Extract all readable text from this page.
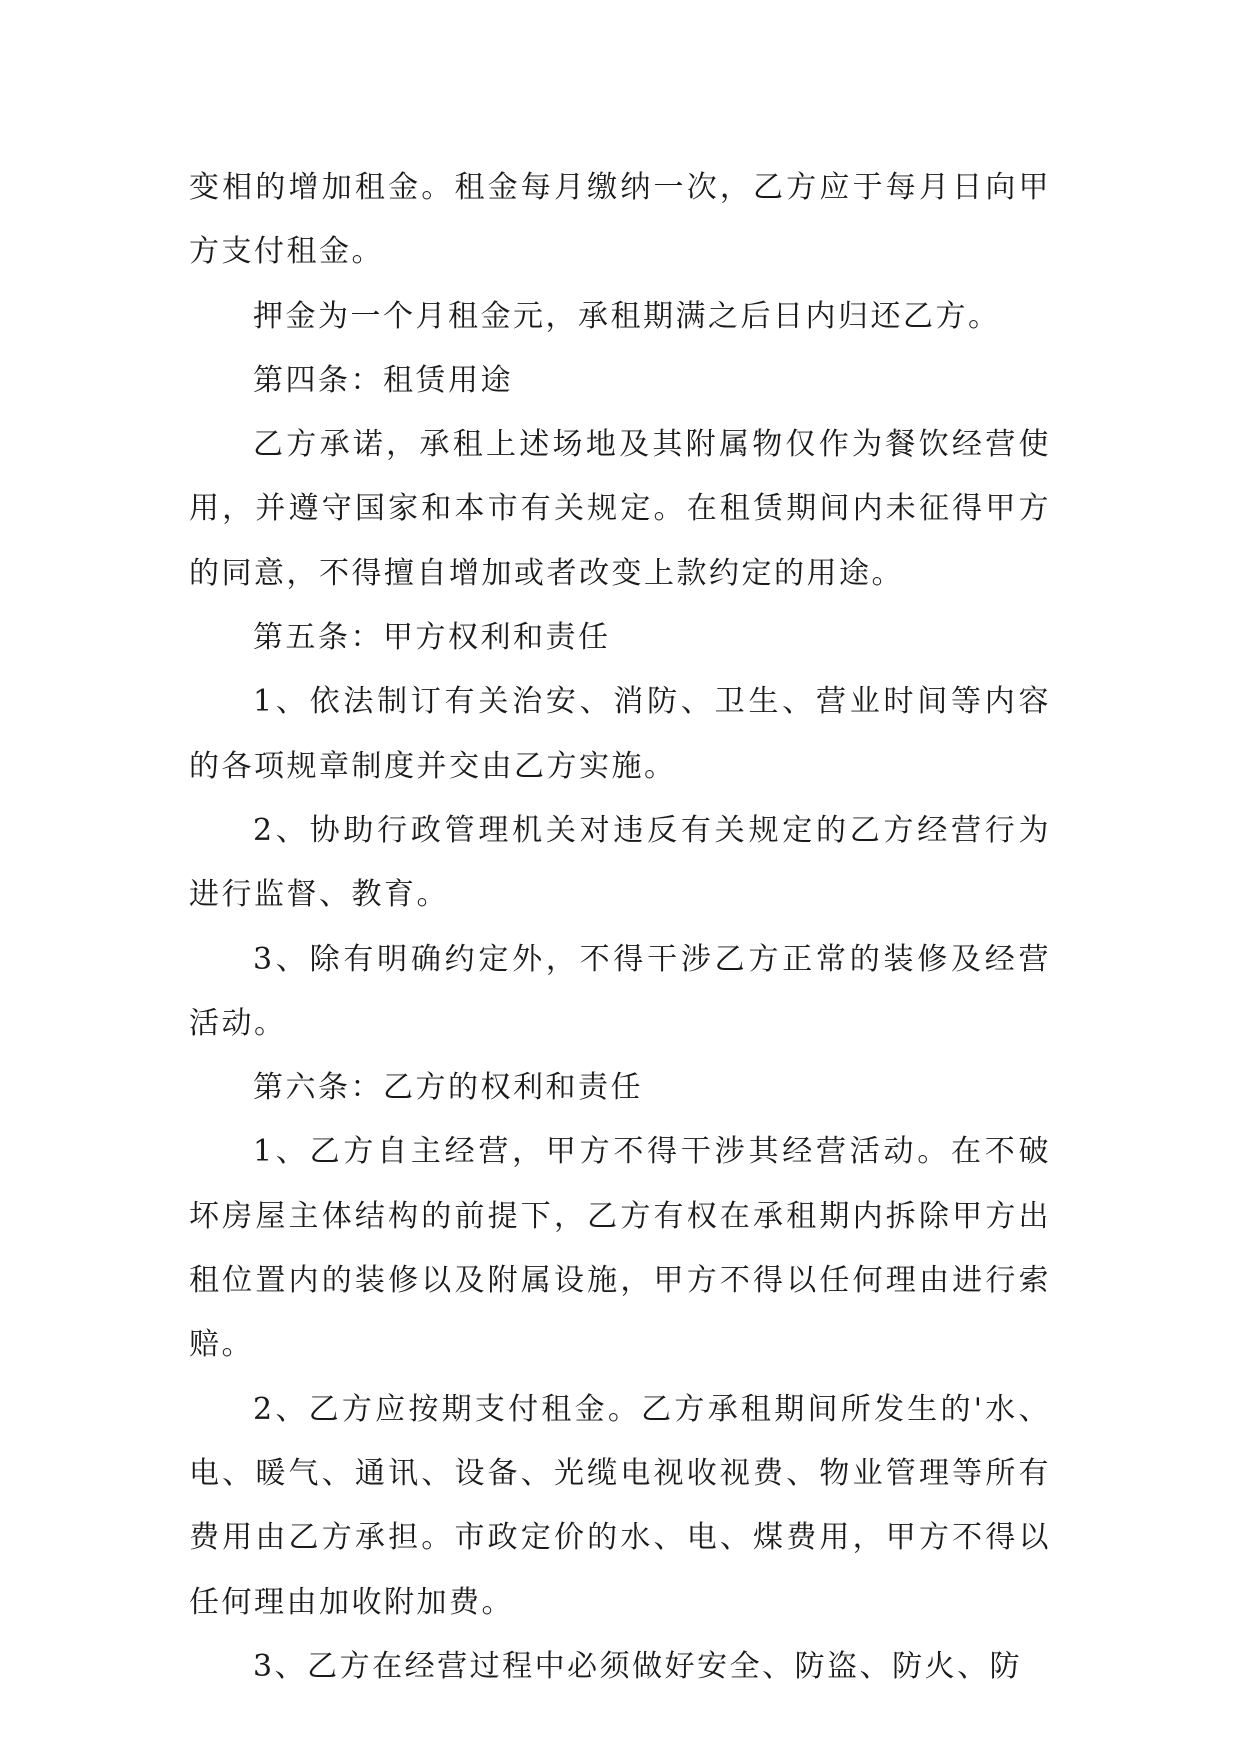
变相的增加租金。租金每月缴纳一次，乙方应于每月日向甲方支付租金。

押金为一个月租金元，承租期满之后日内归还乙方。

第四条：租赁用途

乙方承诺，承租上述场地及其附属物仅作为餐饮经营使用，并遵守国家和本市有关规定。在租赁期间内未征得甲方的同意，不得擅自增加或者改变上款约定的用途。

第五条：甲方权利和责任

1、依法制订有关治安、消防、卫生、营业时间等内容的各项规章制度并交由乙方实施。

2、协助行政管理机关对违反有关规定的乙方经营行为进行监督、教育。

3、除有明确约定外，不得干涉乙方正常的装修及经营活动。

第六条：乙方的权利和责任

1、乙方自主经营，甲方不得干涉其经营活动。在不破坏房屋主体结构的前提下，乙方有权在承租期内拆除甲方出租位置内的装修以及附属设施，甲方不得以任何理由进行索赔。

2、乙方应按期支付租金。乙方承租期间所发生的'水、电、暖气、通讯、设备、光缆电视收视费、物业管理等所有费用由乙方承担。市政定价的水、电、煤费用，甲方不得以任何理由加收附加费。

3、乙方在经营过程中必须做好安全、防盗、防火、防
